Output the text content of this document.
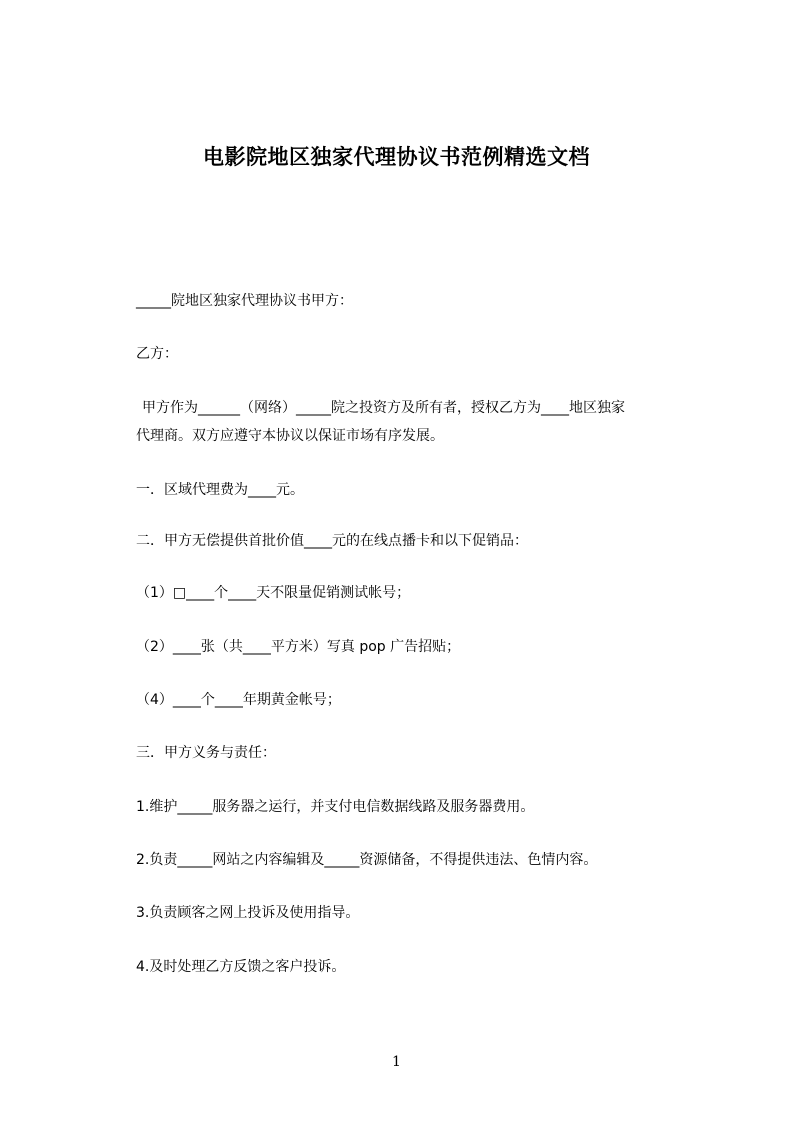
电影院地区独家代理协议书范例精选文档
_____院地区独家代理协议书甲方：
乙方：
甲方作为______（网络）_____院之投资方及所有者，授权乙方为____地区独家
代理商。双方应遵守本协议以保证市场有序发展。
一．区域代理费为____元。
二．甲方无偿提供首批价值____元的在线点播卡和以下促销品：
（1）□____个____天不限量促销测试帐号；
（2）____张（共____平方米）写真 pop 广告招贴；
（4）____个____年期黄金帐号；
三．甲方义务与责任：
1.维护_____服务器之运行，并支付电信数据线路及服务器费用。
2.负责_____网站之内容编辑及_____资源储备，不得提供违法、色情内容。
3.负责顾客之网上投诉及使用指导。
4.及时处理乙方反馈之客户投诉。
1
